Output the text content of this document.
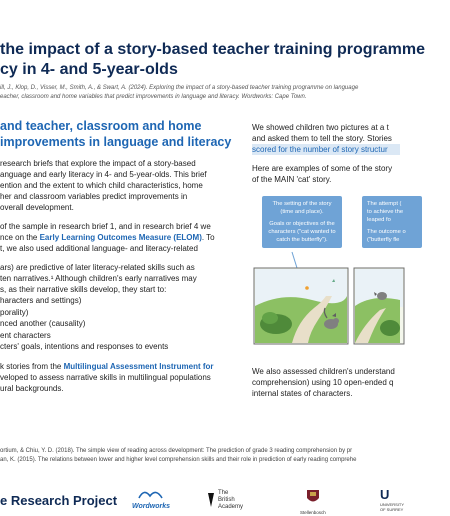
the impact of a story-based teacher training programme
cy in 4- and 5-year-olds
ill, J., Klop, D., Visser, M., Smith, A., & Swart, A. (2024). Exploring the impact of a story-based teacher training programme on language
eacher, classroom and home variables that predict improvements in language and literacy. Wordworks: Cape Town.
and teacher, classroom and home
improvements in language and literacy
research briefs that explore the impact of a story-based
anguage and early literacy in 4- and 5-year-olds. This brief
ention and the extent to which child characteristics, home
her and classroom variables predict improvements in
overall development.
of the sample in research brief 1, and in research brief 4 we
nce on the Early Learning Outcomes Measure (ELOM). To
t, we also used additional language- and literacy-related
ars) are predictive of later literacy-related skills such as
ten narratives.¹ Although children's early narratives may
s, as their narrative skills develop, they start to:
haracters and settings)
porality)
nced another (causality)
ent characters
cters' goals, intentions and responses to events
k stories from the Multilingual Assessment Instrument for
veloped to assess narrative skills in multilingual populations
ural backgrounds.
We showed children two pictures at a t
and asked them to tell the story. Stories
scored for the number of story structur
Here are examples of some of the story
of the MAIN 'cat' story.
The setting of the story
(time and place).
Goals or objectives of the
characters ("cat wanted to
catch the butterfly").
The attempt (
to achieve the
leaped fo
The outcome o
("butterfly fle
We also assessed children's understand
comprehension) using 10 open-ended q
internal states of characters.
ortium, & Chiu, Y. D. (2018). The simple view of reading across development: The prediction of grade 3 reading comprehension by pr
an, K. (2015). The relations between lower and higher level comprehension skills and their role in prediction of early reading comprehe
e Research Project Wordworks
The
British
Academy
Stellenbosch
U
UNIVERSITY
OF SURREY
